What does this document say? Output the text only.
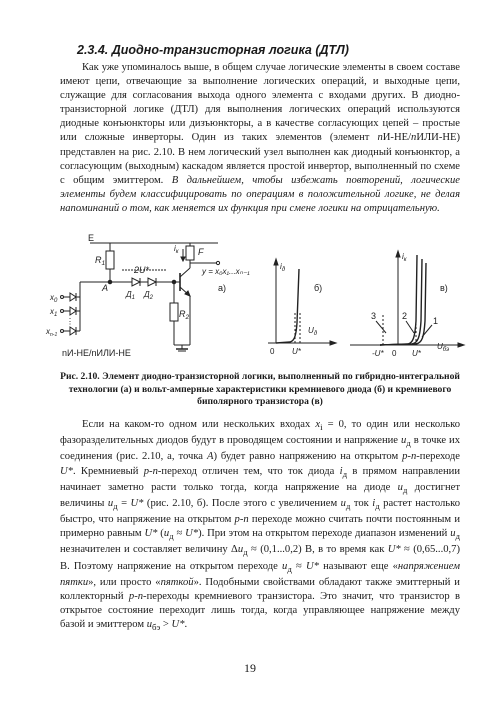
2.3.4. Диодно-транзисторная логика (ДТЛ)
Как уже упоминалось выше, в общем случае логические элементы в своем составе имеют цепи, отвечающие за выполнение логических операций, и выходные цепи, служащие для согласования выхода одного элемента с входами других. В диодно-транзисторной логике (ДТЛ) для выполнения логических операций используются диодные конъюнкторы или дизъюнкторы, а в качестве согласующих цепей – простые или сложные инверторы. Один из таких элементов (элемент nИ-НЕ/nИЛИ-НЕ) представлен на рис. 2.10. В нем логический узел выполнен как диодный конъюнктор, а согласующим (выходным) каскадом является простой инвертор, выполненный по схеме с общим эмиттером. В дальнейшем, чтобы избежать повторений, логические элементы будем классифицировать по операциям в положительной логике, не делая напоминаний о том, как меняется их функция при смене логики на отрицательную.
E
$R_1$
A
$x_0$
$x_1$
⋮
$x_{n-1}$
nИ-НЕ/nИЛИ-НЕ
2U*
$Д_1$ $Д_2$
$R_2$
F
$i_к$
y = x₀x₁...xₙ₋₁
а)
$i_д$
$U_д$
0 U*
б)
$i_к$
$U_{бэ}$
0
-U*	U*
1
2
3
в)
Рис. 2.10. Элемент диодно-транзисторной логики, выполненный по гибридно-интегральной технологии (а) и вольт-амперные характеристики кремниевого диода (б) и кремниевого биполярного транзистора (в)
Если на каком-то одном или нескольких входах $x_i = 0$, то один или несколько фазоразделительных диодов будут в проводящем состоянии и напряжение $u_д$ в точке их соединения (рис. 2.10, а, точка A) будет равно напряжению на открытом p-n-переходе U*. Кремниевый p-n-переход отличен тем, что ток диода $i_д$ в прямом направлении начинает заметно расти только тогда, когда напряжение на диоде $u_д$ достигнет величины $u_д = U*$ (рис. 2.10, б). После этого с увеличением $u_д$ ток $i_д$ растет настолько быстро, что напряжение на открытом p-n переходе можно считать почти постоянным и примерно равным U* $(u_д \approx U*)$. При этом на открытом переходе диапазон изменений $u_д$ незначителен и составляет величину $\Delta u_д \approx (0,1...0,2)$ В, в то время как U* ≈ (0,65...0,7) В. Поэтому напряжение на открытом переходе $u_д \approx U*$ называют еще «напряжением пятки», или просто «пяткой». Подобными свойствами обладают также эмиттерный и коллекторный p-n-переходы кремниевого транзистора. Это значит, что транзистор в открытое состояние переходит лишь тогда, когда управляющее напряжение между базой и эмиттером $u_{бэ} > U*$.
19
